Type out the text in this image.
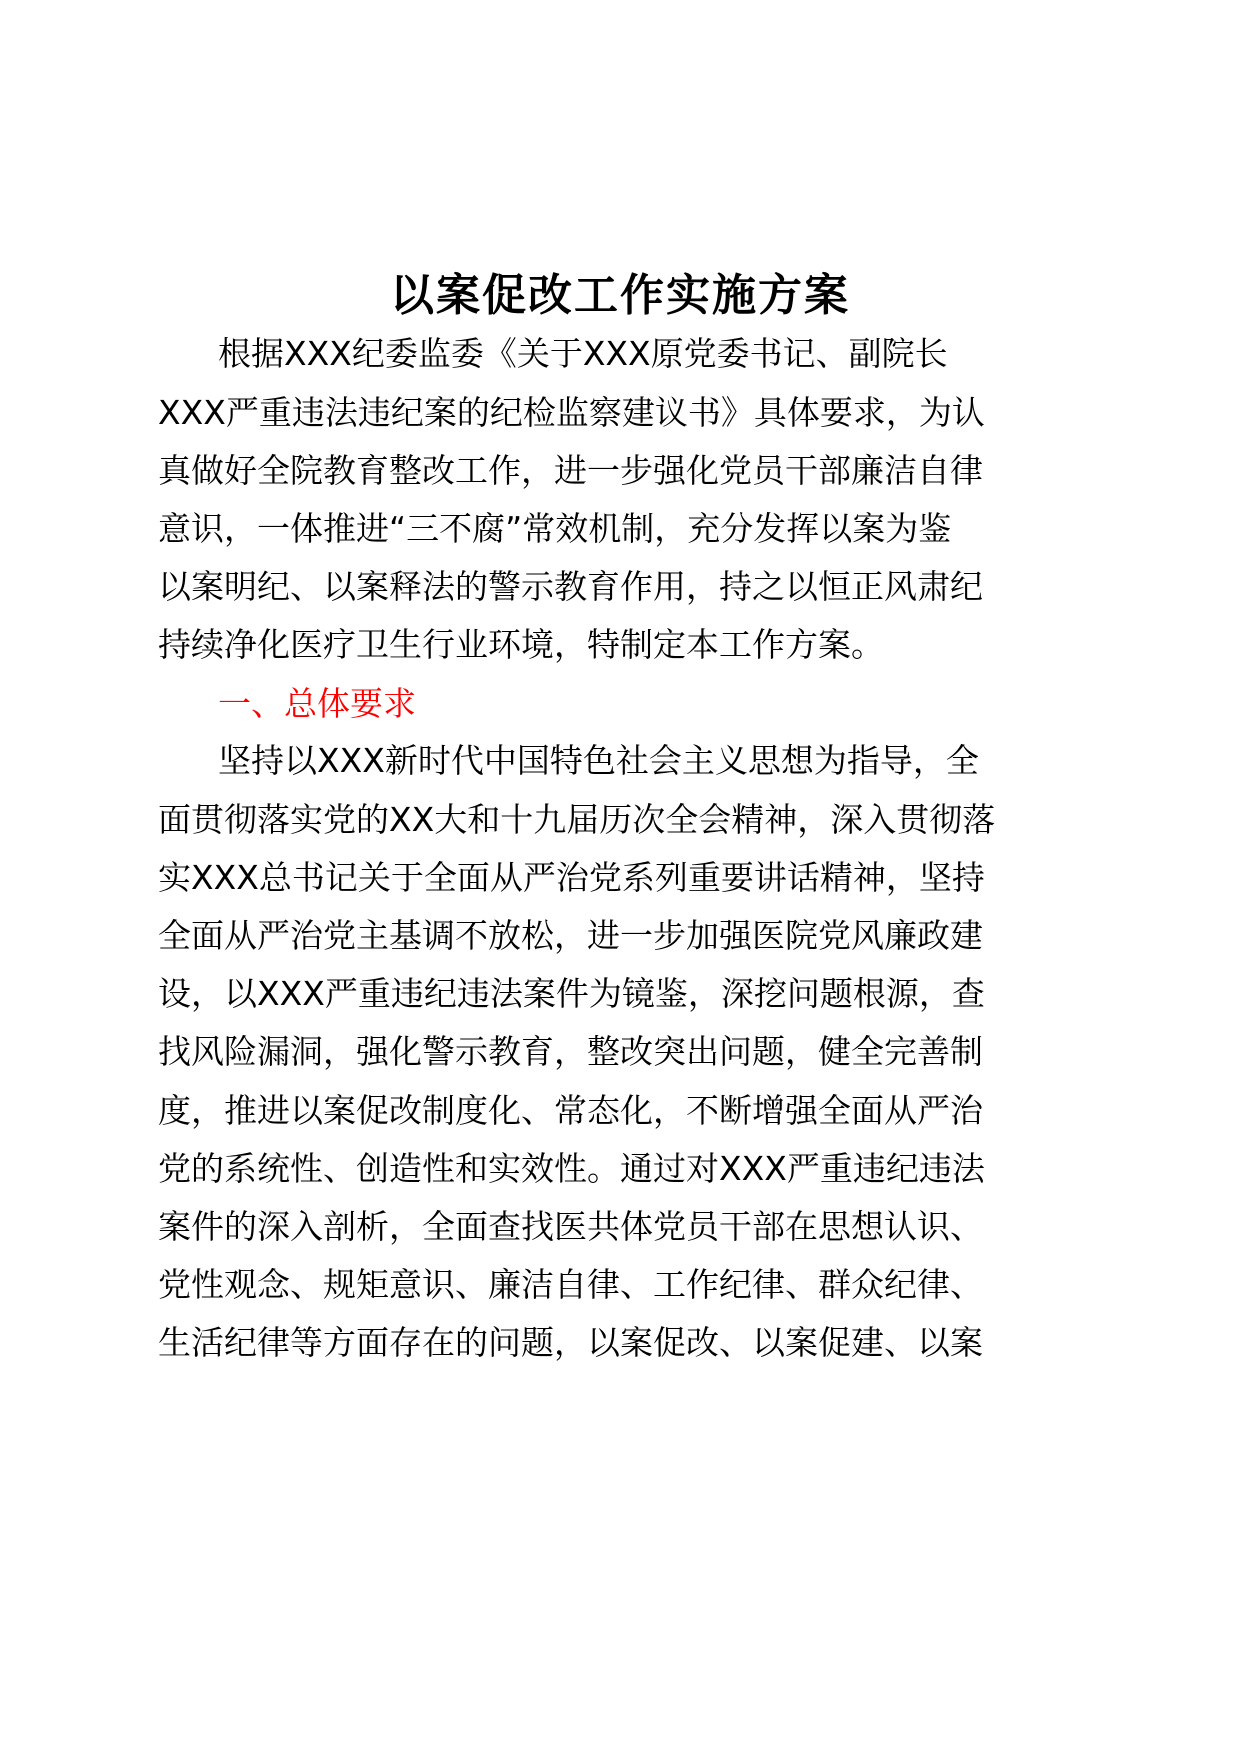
以案促改工作实施方案

根据XXX纪委监委《关于XXX原党委书记、副院长

XXX严重违法违纪案的纪检监察建议书》具体要求，为认

真做好全院教育整改工作，进一步强化党员干部廉洁自律

意识，一体推进“三不腐”常效机制，充分发挥以案为鉴

以案明纪、以案释法的警示教育作用，持之以恒正风肃纪

持续净化医疗卫生行业环境，特制定本工作方案。

一、总体要求

坚持以XXX新时代中国特色社会主义思想为指导，全

面贯彻落实党的XX大和十九届历次全会精神，深入贯彻落

实XXX总书记关于全面从严治党系列重要讲话精神，坚持

全面从严治党主基调不放松，进一步加强医院党风廉政建

设，以XXX严重违纪违法案件为镜鉴，深挖问题根源，查

找风险漏洞，强化警示教育，整改突出问题，健全完善制

度，推进以案促改制度化、常态化，不断增强全面从严治

党的系统性、创造性和实效性。通过对XXX严重违纪违法

案件的深入剖析，全面查找医共体党员干部在思想认识、

党性观念、规矩意识、廉洁自律、工作纪律、群众纪律、

生活纪律等方面存在的问题，以案促改、以案促建、以案
